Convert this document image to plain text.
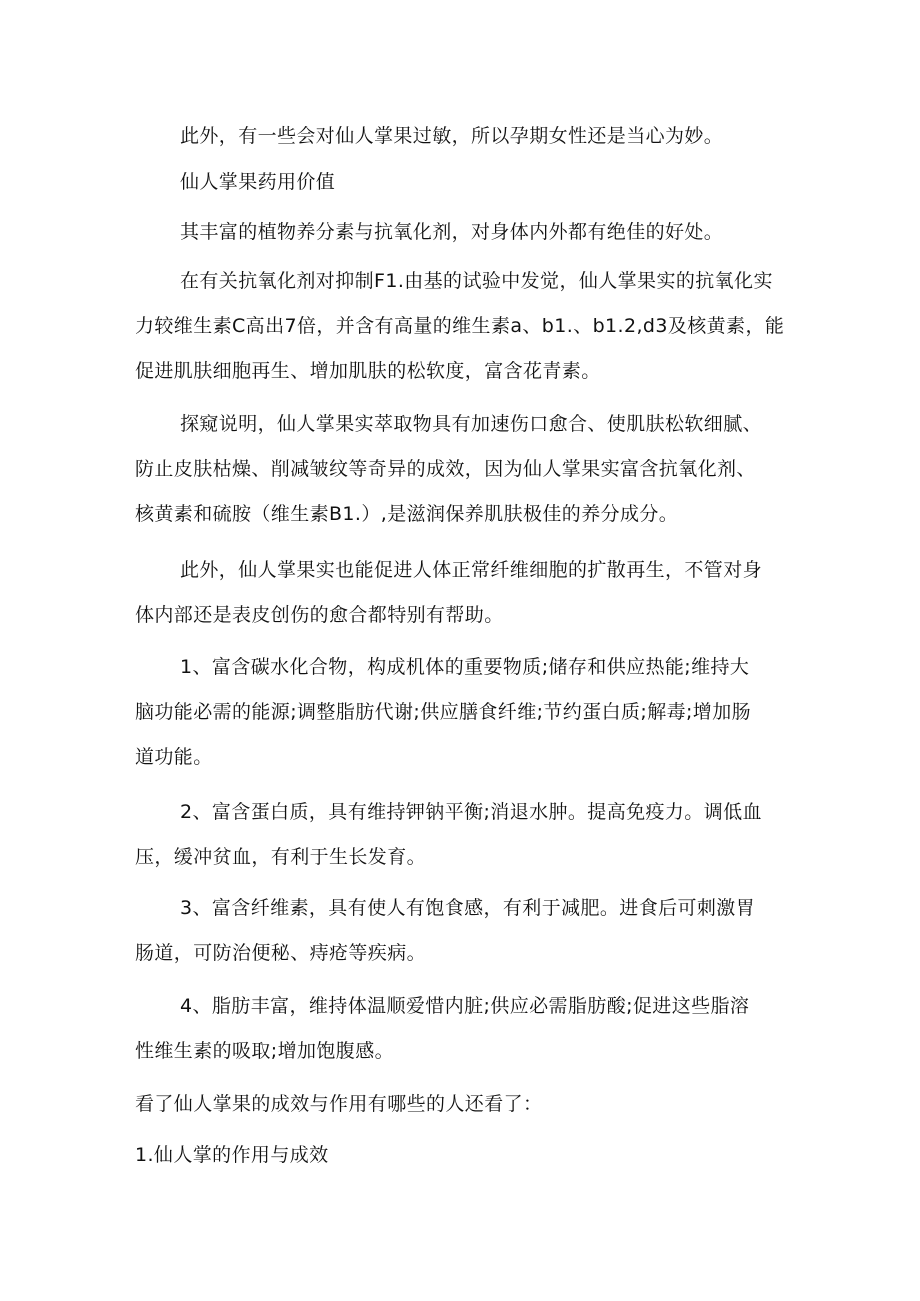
此外，有一些会对仙人掌果过敏，所以孕期女性还是当心为妙。
仙人掌果药用价值
其丰富的植物养分素与抗氧化剂，对身体内外都有绝佳的好处。
在有关抗氧化剂对抑制F1.由基的试验中发觉，仙人掌果实的抗氧化实
力较维生素C高出7倍，并含有高量的维生素a、b1.、b1.2,d3及核黄素，能
促进肌肤细胞再生、增加肌肤的松软度，富含花青素。
探窥说明，仙人掌果实萃取物具有加速伤口愈合、使肌肤松软细腻、
防止皮肤枯燥、削减皱纹等奇异的成效，因为仙人掌果实富含抗氧化剂、
核黄素和硫胺（维生素B1.）,是滋润保养肌肤极佳的养分成分。
此外，仙人掌果实也能促进人体正常纤维细胞的扩散再生，不管对身
体内部还是表皮创伤的愈合都特别有帮助。
1、富含碳水化合物，构成机体的重要物质;储存和供应热能;维持大
脑功能必需的能源;调整脂肪代谢;供应膳食纤维;节约蛋白质;解毒;增加肠
道功能。
2、富含蛋白质，具有维持钾钠平衡;消退水肿。提高免疫力。调低血
压，缓冲贫血，有利于生长发育。
3、富含纤维素，具有使人有饱食感，有利于减肥。进食后可刺激胃
肠道，可防治便秘、痔疮等疾病。
4、脂肪丰富，维持体温顺爱惜内脏;供应必需脂肪酸;促进这些脂溶
性维生素的吸取;增加饱腹感。
看了仙人掌果的成效与作用有哪些的人还看了：
1.仙人掌的作用与成效
